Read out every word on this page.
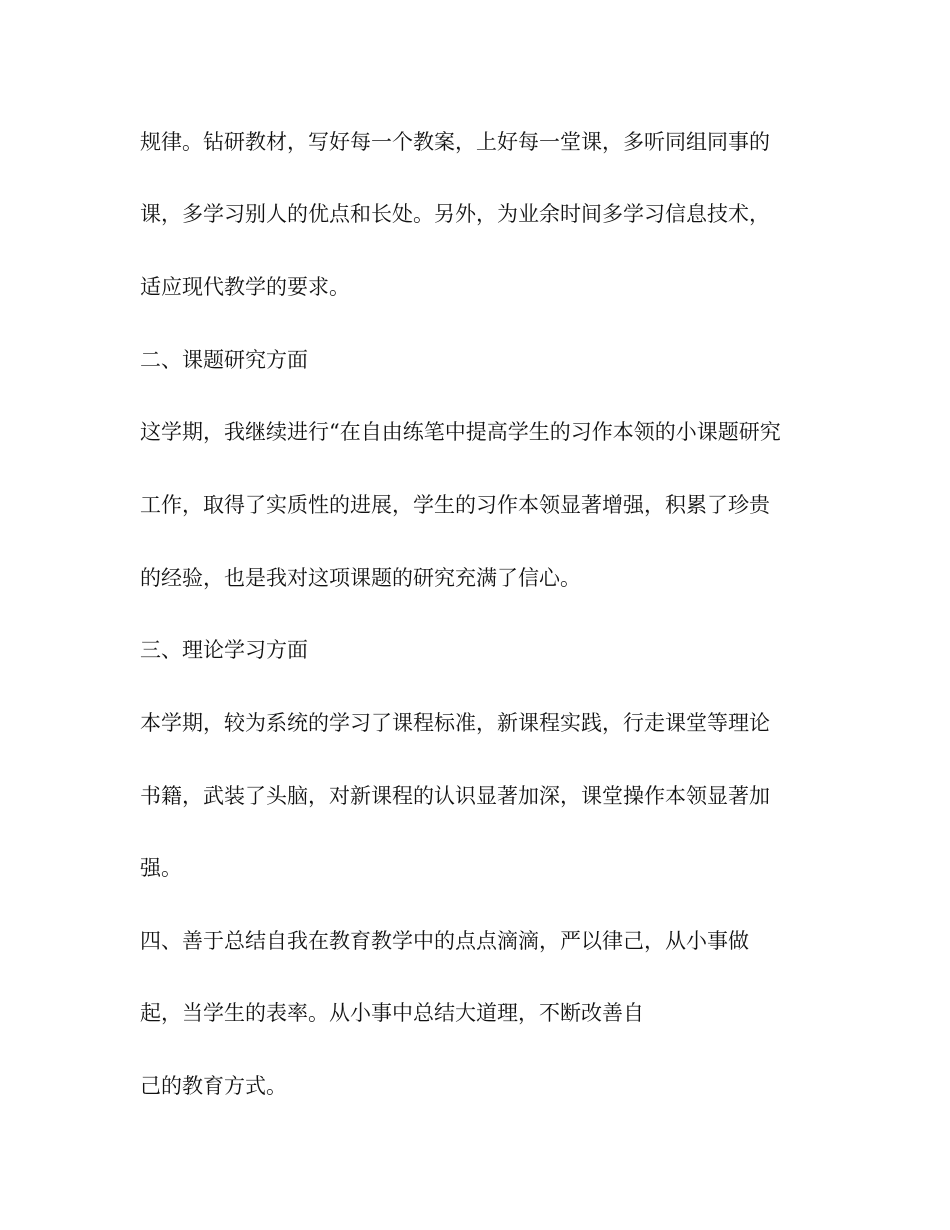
规律。钻研教材，写好每一个教案，上好每一堂课，多听同组同事的

课，多学习别人的优点和长处。另外，为业余时间多学习信息技术，

适应现代教学的要求。

二、课题研究方面

这学期，我继续进行“在自由练笔中提高学生的习作本领的小课题研究

工作，取得了实质性的进展，学生的习作本领显著增强，积累了珍贵

的经验，也是我对这项课题的研究充满了信心。

三、理论学习方面

本学期，较为系统的学习了课程标准，新课程实践，行走课堂等理论

书籍，武装了头脑，对新课程的认识显著加深，课堂操作本领显著加

强。

四、善于总结自我在教育教学中的点点滴滴，严以律己，从小事做

起，当学生的表率。从小事中总结大道理，不断改善自

己的教育方式。
